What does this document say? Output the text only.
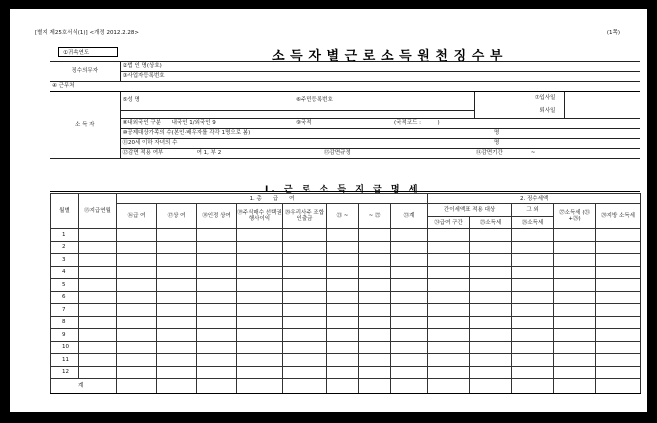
[별지 제25호서식(1)] <개정 2012.2.28>	(1쪽)
①귀속연도	소득자별근로소득원천징수부
징수의무자	②법 인 명(상호)				
	③사업자등록번호				
④ 근무처					
소 득 자	⑤성 명	⑥주민등록번호		⑦입사일
퇴사일	

	⑧내외국인 구분 내국인 1/외국인 9	⑨국적	(국적코드 :　　　)		
	⑩공제대상가족의 수(본인·배우자를 각각 1명으로 봄)			명	
	⑪20세 이하 자녀의 수			명	
	⑫감면 적용 여부 여 1, 부 2	⑬감면규정		⑭감면기간 ~	
Ⅰ. 근 로 소 득 지 급 명 세
월별	⑮지급연월	1. 총　　급　　여								2. 징수세액				
		⑯급 여	⑰상 여	⑱인정 상여	⑲주식매수 선택권 행사이익	⑳우리사주 조합 인출금	㉑ ~	~ ㉒	㉓계	간이세액표 적용 대상		그 외	㉗소득세 (㉕+㉖)	㉘지방 소득세
										㉔급여 구간	㉕소득세	㉖소득세		
1														
2														
3														
4														
5														
6														
7														
8														
9														
10														
11														
12														
계														
